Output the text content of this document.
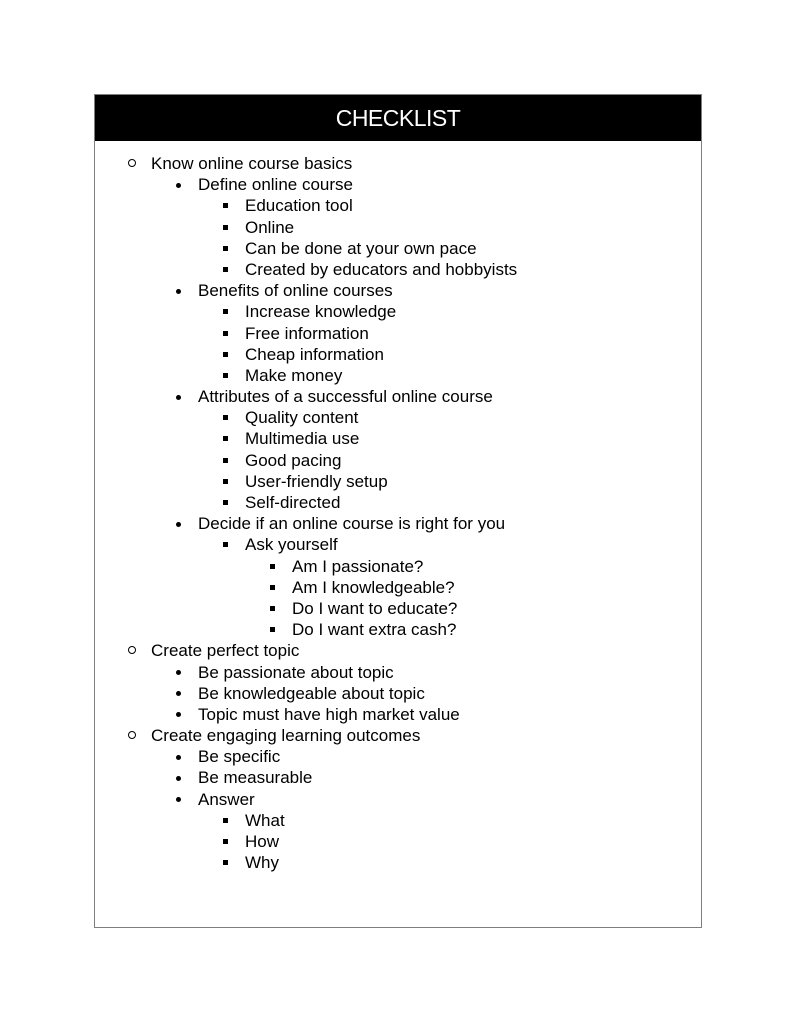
CHECKLIST
Know online course basics
Define online course
Education tool
Online
Can be done at your own pace
Created by educators and hobbyists
Benefits of online courses
Increase knowledge
Free information
Cheap information
Make money
Attributes of a successful online course
Quality content
Multimedia use
Good pacing
User-friendly setup
Self-directed
Decide if an online course is right for you
Ask yourself
Am I passionate?
Am I knowledgeable?
Do I want to educate?
Do I want extra cash?
Create perfect topic
Be passionate about topic
Be knowledgeable about topic
Topic must have high market value
Create engaging learning outcomes
Be specific
Be measurable
Answer
What
How
Why
